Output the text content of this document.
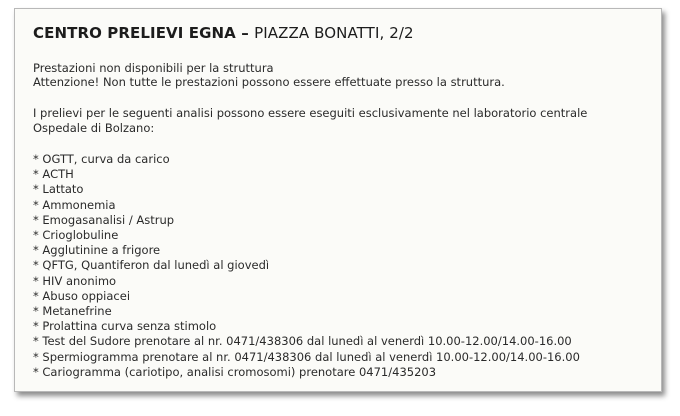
CENTRO PRELIEVI EGNA – PIAZZA BONATTI, 2/2
Prestazioni non disponibili per la struttura
Attenzione! Non tutte le prestazioni possono essere effettuate presso la struttura.
I prelievi per le seguenti analisi possono essere eseguiti esclusivamente nel laboratorio centrale
Ospedale di Bolzano:
* OGTT, curva da carico
* ACTH
* Lattato
* Ammonemia
* Emogasanalisi / Astrup
* Crioglobuline
* Agglutinine a frigore
* QFTG, Quantiferon dal lunedì al giovedì
* HIV anonimo
* Abuso oppiacei
* Metanefrine
* Prolattina curva senza stimolo
* Test del Sudore prenotare al nr. 0471/438306 dal lunedì al venerdì 10.00-12.00/14.00-16.00
* Spermiogramma prenotare al nr. 0471/438306 dal lunedì al venerdì 10.00-12.00/14.00-16.00
* Cariogramma (cariotipo, analisi cromosomi) prenotare 0471/435203
